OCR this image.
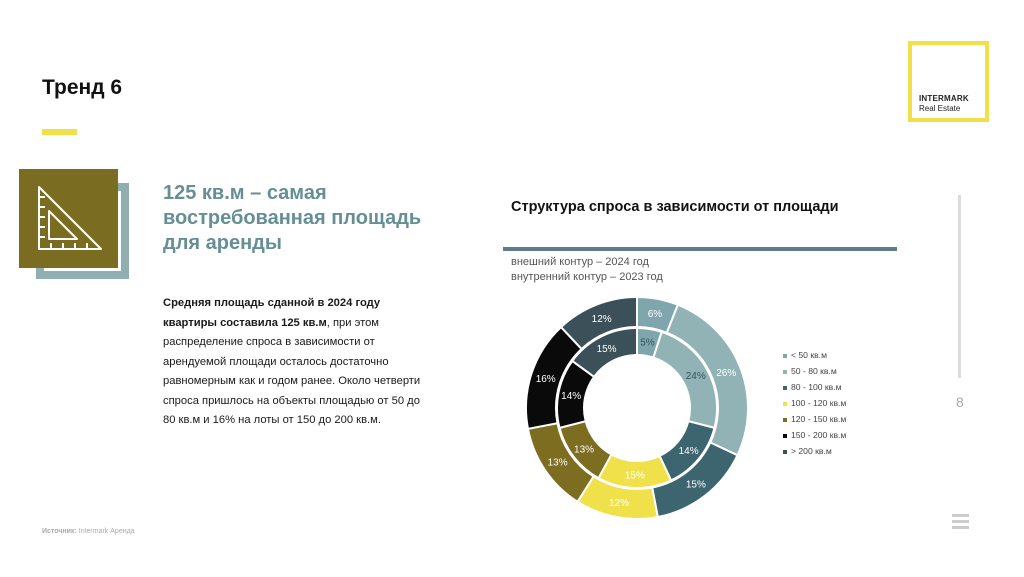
Тренд 6	INTERMARK
Real Estate
125 кв.м – самая востребованная площадь для аренды

Средняя площадь сданной в 2024 году квартиры составила 125 кв.м, при этом распределение спроса в зависимости от арендуемой площади осталось достаточно равномерным как и годом ранее. Около четверти спроса пришлось на объекты площадью от 50 до 80 кв.м и 16% на лоты от 150 до 200 кв.м.

Структура спроса в зависимости от площади
внешний контур – 2024 год
внутренний контур – 2023 год
6%
26%
15%
12%
13%
16%
12%
5%
24%
14%
15%
13%
14%
15%
< 50 кв.м
50 - 80 кв.м
80 - 100 кв.м
100 - 120 кв.м
120 - 150 кв.м
150 - 200 кв.м
> 200 кв.м
8
Источник: Intermark Аренда
